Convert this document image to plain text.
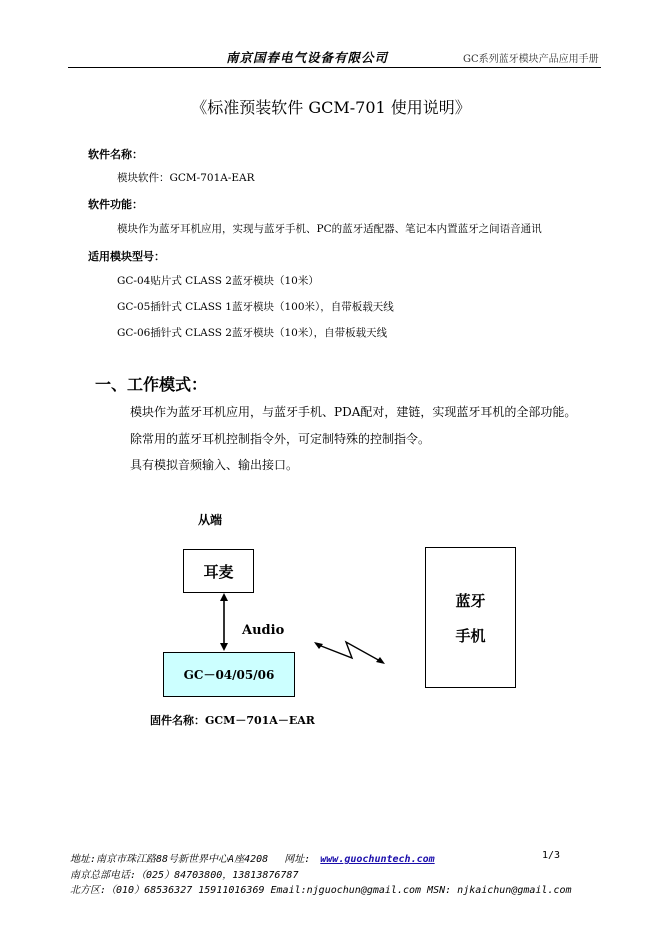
南京国春电气设备有限公司	GC系列蓝牙模块产品应用手册
《标准预装软件 GCM-701 使用说明》
软件名称：
模块软件：GCM-701A-EAR
软件功能：
模块作为蓝牙耳机应用，实现与蓝牙手机、PC的蓝牙适配器、笔记本内置蓝牙之间语音通讯
适用模块型号：
GC-04贴片式 CLASS 2蓝牙模块（10米）
GC-05插针式 CLASS 1蓝牙模块（100米），自带板载天线
GC-06插针式 CLASS 2蓝牙模块（10米），自带板载天线
一、工作模式：
模块作为蓝牙耳机应用，与蓝牙手机、PDA配对，建链，实现蓝牙耳机的全部功能。
除常用的蓝牙耳机控制指令外，可定制特殊的控制指令。
具有模拟音频输入、输出接口。
从端
耳麦
Audio
GC－04/05/06
蓝牙
手机
固件名称：GCM－701A－EAR
地址:南京市珠江路88号新世界中心A座4208 网址: www.guochuntech.com	1/3
南京总部电话:（025）84703800，13813876787
北方区:（010）68536327 15911016369 Email:njguochun@gmail.com MSN: njkaichun@gmail.com
